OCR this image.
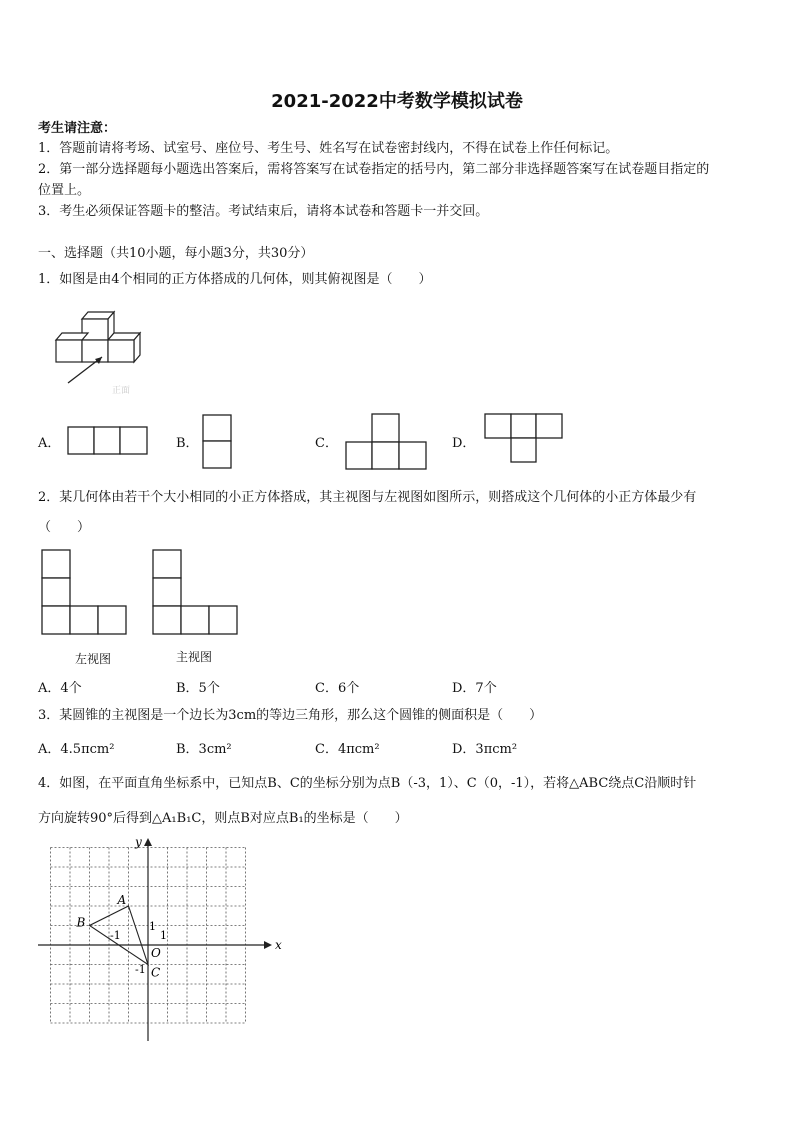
2021-2022中考数学模拟试卷
考生请注意：
1．答题前请将考场、试室号、座位号、考生号、姓名写在试卷密封线内，不得在试卷上作任何标记。
2．第一部分选择题每小题选出答案后，需将答案写在试卷指定的括号内，第二部分非选择题答案写在试卷题目指定的
位置上。
3．考生必须保证答题卡的整洁。考试结束后，请将本试卷和答题卡一并交回。
一、选择题（共10小题，每小题3分，共30分）
1．如图是由4个相同的正方体搭成的几何体，则其俯视图是（　　）
正面
A．	B．	C．	D．
2．某几何体由若干个大小相同的小正方体搭成，其主视图与左视图如图所示，则搭成这个几何体的小正方体最少有
（　　）
左视图	主视图
A．4个	B．5个	C．6个	D．7个
3．某圆锥的主视图是一个边长为3cm的等边三角形，那么这个圆锥的侧面积是（　　）
A．4.5πcm²	B．3cm²	C．4πcm²	D．3πcm²
4．如图，在平面直角坐标系中，已知点B、C的坐标分别为点B（-3，1）、C（0，-1），若将△ABC绕点C沿顺时针
方向旋转90°后得到△A₁B₁C，则点B对应点B₁的坐标是（　　）
x
y
O
1
1
-1
-1
A
B
C
